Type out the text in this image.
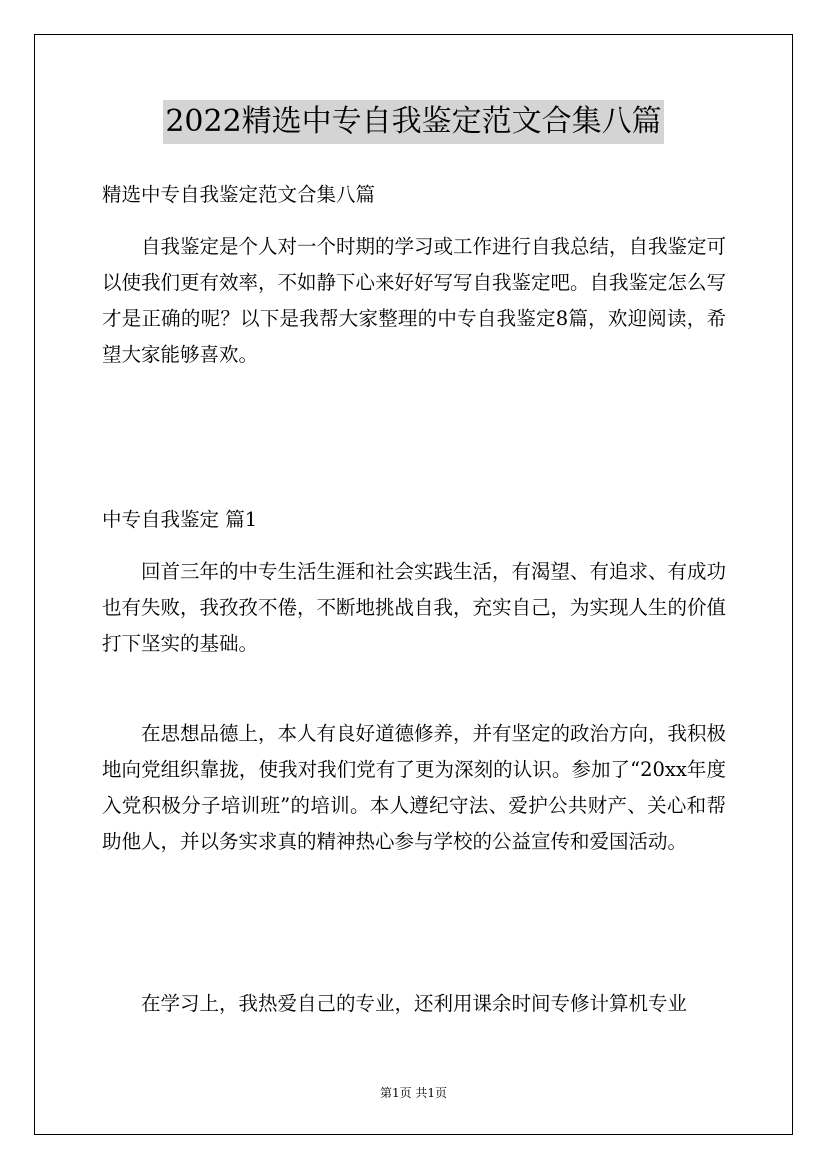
2022精选中专自我鉴定范文合集八篇

精选中专自我鉴定范文合集八篇

自我鉴定是个人对一个时期的学习或工作进行自我总结，自我鉴定可以使我们更有效率，不如静下心来好好写写自我鉴定吧。自我鉴定怎么写才是正确的呢？以下是我帮大家整理的中专自我鉴定8篇，欢迎阅读，希望大家能够喜欢。

中专自我鉴定 篇1

回首三年的中专生活生涯和社会实践生活，有渴望、有追求、有成功也有失败，我孜孜不倦，不断地挑战自我，充实自己，为实现人生的价值打下坚实的基础。

在思想品德上，本人有良好道德修养，并有坚定的政治方向，我积极地向党组织靠拢，使我对我们党有了更为深刻的认识。参加了“20xx年度入党积极分子培训班”的培训。本人遵纪守法、爱护公共财产、关心和帮助他人，并以务实求真的精神热心参与学校的公益宣传和爱国活动。

在学习上，我热爱自己的专业，还利用课余时间专修计算机专业

第1页 共1页
